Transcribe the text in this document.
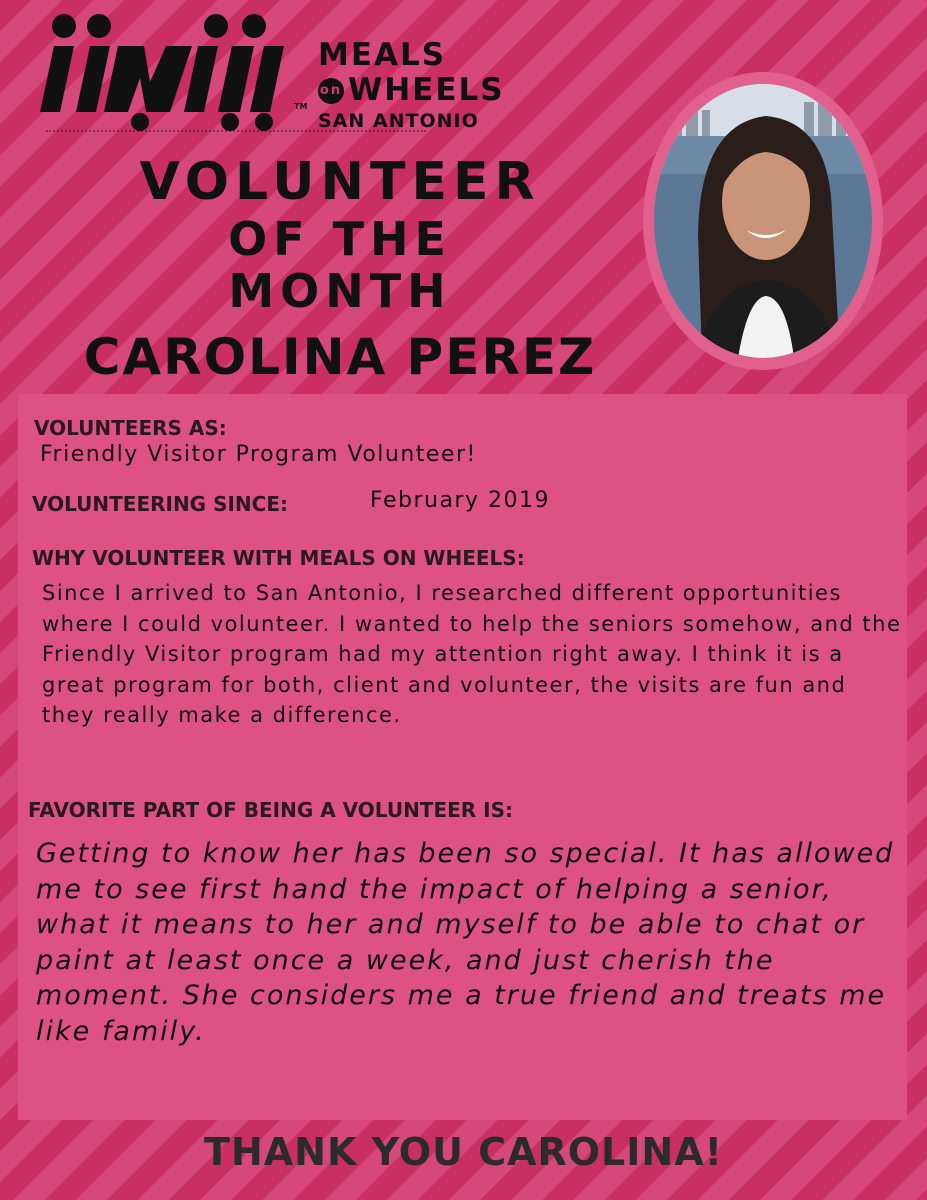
TM
MEALS
on WHEELS
SAN ANTONIO
VOLUNTEER
OF THE
MONTH
CAROLINA PEREZ
VOLUNTEERS AS:
Friendly Visitor Program Volunteer!
VOLUNTEERING SINCE:	February 2019
WHY VOLUNTEER WITH MEALS ON WHEELS:

Since I arrived to San Antonio, I researched different opportunities where I could volunteer. I wanted to help the seniors somehow, and the Friendly Visitor program had my attention right away. I think it is a great program for both, client and volunteer, the visits are fun and they really make a difference.

FAVORITE PART OF BEING A VOLUNTEER IS:

Getting to know her has been so special. It has allowed me to see first hand the impact of helping a senior, what it means to her and myself to be able to chat or paint at least once a week, and just cherish the moment. She considers me a true friend and treats me like family.

THANK YOU CAROLINA!
